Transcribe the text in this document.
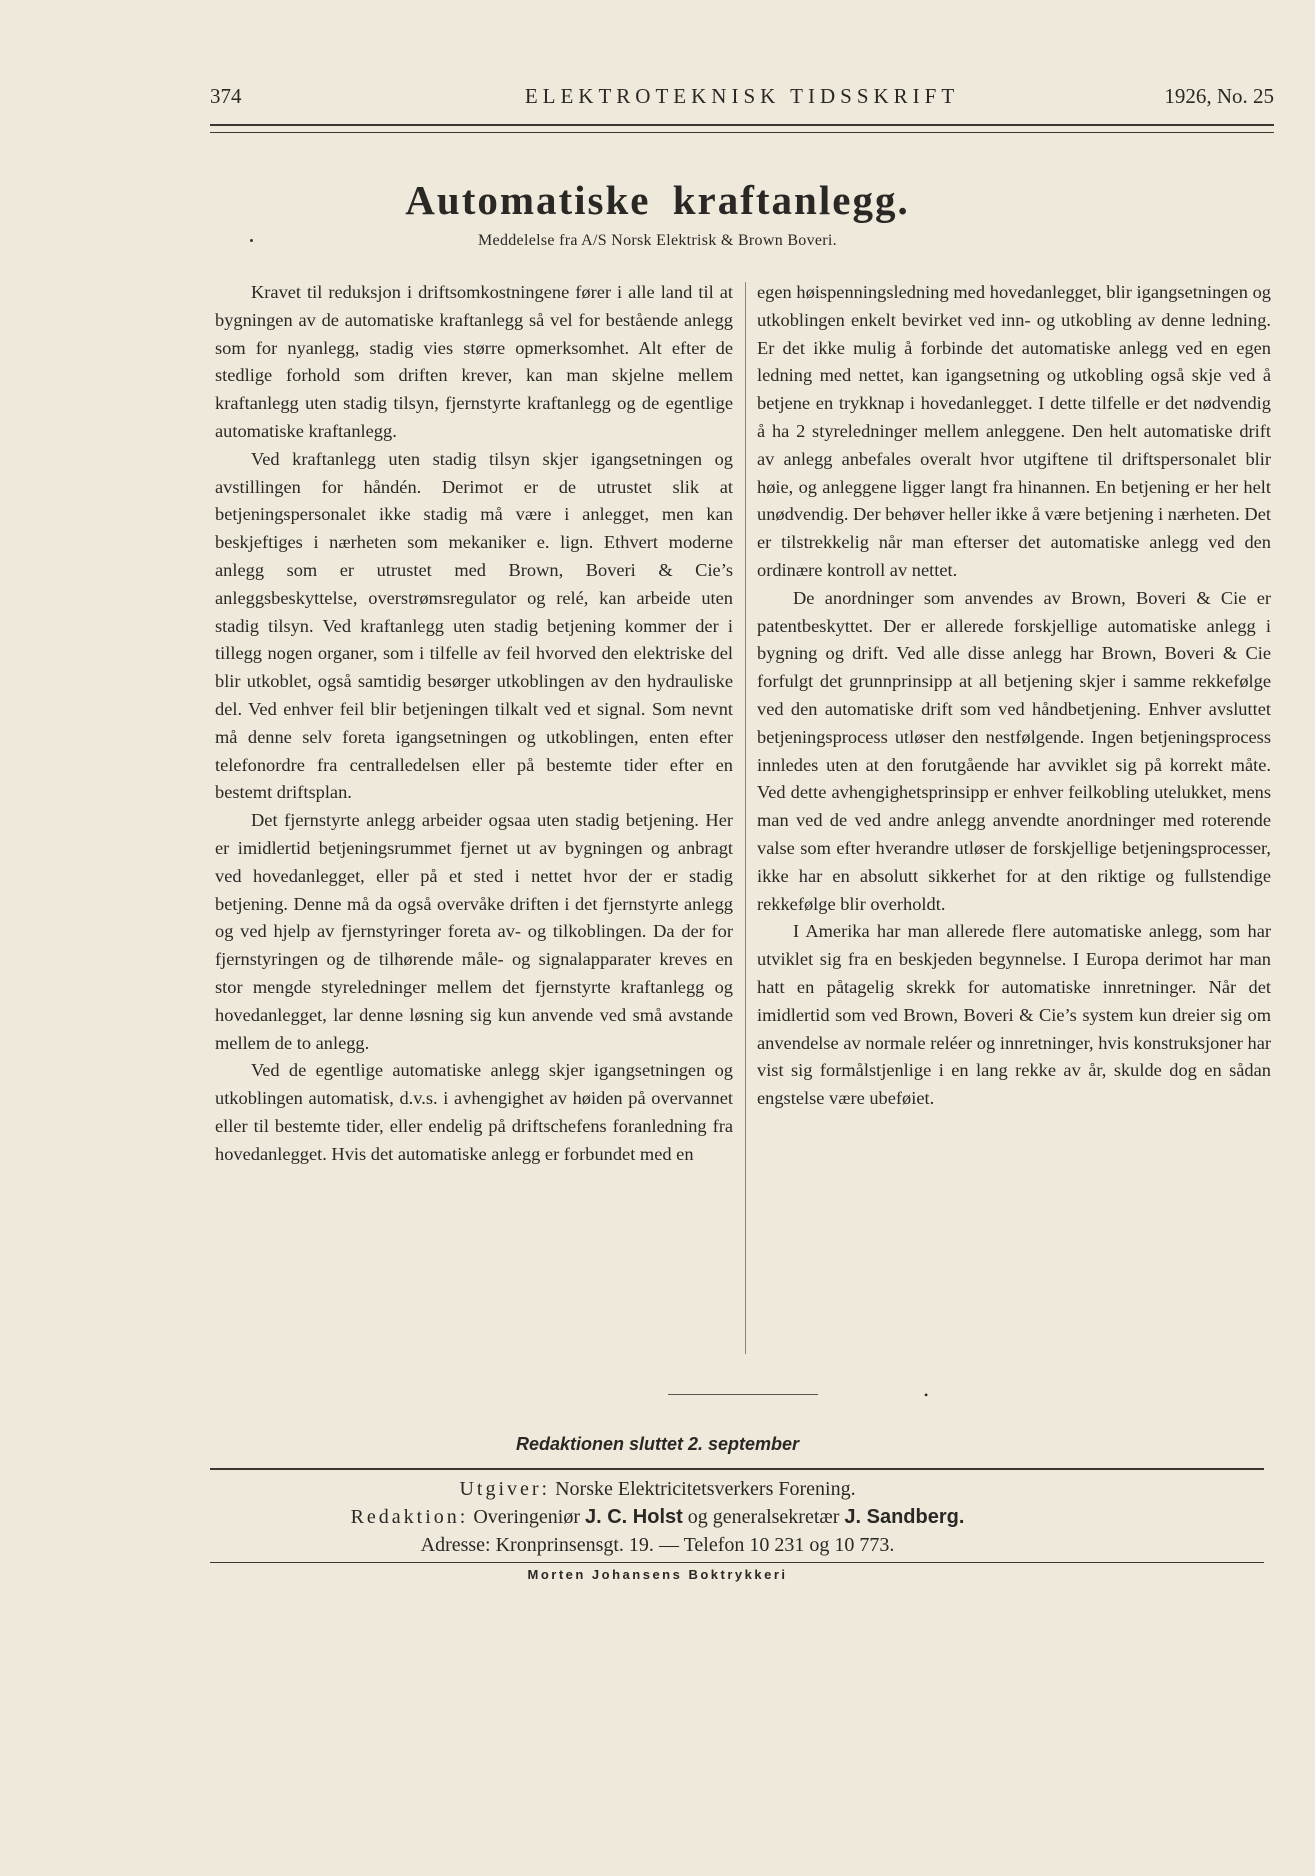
374	ELEKTROTEKNISK TIDSSKRIFT	1926, No. 25
Automatiske kraftanlegg.
Meddelelse fra A/S Norsk Elektrisk & Brown Boveri.

Kravet til reduksjon i driftsomkostningene fører i alle land til at bygningen av de automatiske kraftanlegg så vel for bestående anlegg som for nyanlegg, stadig vies større opmerksomhet. Alt efter de stedlige forhold som driften krever, kan man skjelne mellem kraftanlegg uten stadig tilsyn, fjernstyrte kraftanlegg og de egentlige automatiske kraftanlegg.

Ved kraftanlegg uten stadig tilsyn skjer igangsetningen og avstillingen for håndén. Derimot er de utrustet slik at betjeningspersonalet ikke stadig må være i anlegget, men kan beskjeftiges i nærheten som mekaniker e. lign. Ethvert moderne anlegg som er utrustet med Brown, Boveri & Cie’s anleggsbeskyttelse, overstrømsregulator og relé, kan arbeide uten stadig tilsyn. Ved kraftanlegg uten stadig betjening kommer der i tillegg nogen organer, som i tilfelle av feil hvorved den elektriske del blir utkoblet, også samtidig besørger utkoblingen av den hydrauliske del. Ved enhver feil blir betjeningen tilkalt ved et signal. Som nevnt må denne selv foreta igangsetningen og utkoblingen, enten efter telefonordre fra centralledelsen eller på bestemte tider efter en bestemt driftsplan.

Det fjernstyrte anlegg arbeider ogsaa uten stadig betjening. Her er imidlertid betjeningsrummet fjernet ut av bygningen og anbragt ved hovedanlegget, eller på et sted i nettet hvor der er stadig betjening. Denne må da også overvåke driften i det fjernstyrte anlegg og ved hjelp av fjernstyringer foreta av- og tilkoblingen. Da der for fjernstyringen og de tilhørende måle- og signalapparater kreves en stor mengde styreledninger mellem det fjernstyrte kraftanlegg og hovedanlegget, lar denne løsning sig kun anvende ved små avstande mellem de to anlegg.

Ved de egentlige automatiske anlegg skjer igangsetningen og utkoblingen automatisk, d.v.s. i avhengighet av høiden på overvannet eller til bestemte tider, eller endelig på driftschefens foranledning fra hovedanlegget. Hvis det automatiske anlegg er forbundet med en

egen høispenningsledning med hovedanlegget, blir igangsetningen og utkoblingen enkelt bevirket ved inn- og utkobling av denne ledning. Er det ikke mulig å forbinde det automatiske anlegg ved en egen ledning med nettet, kan igangsetning og utkobling også skje ved å betjene en trykknap i hovedanlegget. I dette tilfelle er det nødvendig å ha 2 styreledninger mellem anleggene. Den helt automatiske drift av anlegg anbefales overalt hvor utgiftene til driftspersonalet blir høie, og anleggene ligger langt fra hinannen. En betjening er her helt unødvendig. Der behøver heller ikke å være betjening i nærheten. Det er tilstrekkelig når man efterser det automatiske anlegg ved den ordinære kontroll av nettet.

De anordninger som anvendes av Brown, Boveri & Cie er patentbeskyttet. Der er allerede forskjellige automatiske anlegg i bygning og drift. Ved alle disse anlegg har Brown, Boveri & Cie forfulgt det grunnprinsipp at all betjening skjer i samme rekkefølge ved den automatiske drift som ved håndbetjening. Enhver avsluttet betjeningsprocess utløser den nestfølgende. Ingen betjeningsprocess innledes uten at den forutgående har avviklet sig på korrekt måte. Ved dette avhengighetsprinsipp er enhver feilkobling utelukket, mens man ved de ved andre anlegg anvendte anordninger med roterende valse som efter hverandre utløser de forskjellige betjeningsprocesser, ikke har en absolutt sikkerhet for at den riktige og fullstendige rekkefølge blir overholdt.

I Amerika har man allerede flere automatiske anlegg, som har utviklet sig fra en beskjeden begynnelse. I Europa derimot har man hatt en påtagelig skrekk for automatiske innretninger. Når det imidlertid som ved Brown, Boveri & Cie’s system kun dreier sig om anvendelse av normale reléer og innretninger, hvis konstruksjoner har vist sig formålstjenlige i en lang rekke av år, skulde dog en sådan engstelse være ubeføiet.

•
Redaktionen sluttet 2. september
Utgiver: Norske Elektricitetsverkers Forening.
Redaktion: Overingeniør J. C. Holst og generalsekretær J. Sandberg.
Adresse: Kronprinsensgt. 19. — Telefon 10 231 og 10 773.
Morten Johansens Boktrykkeri
